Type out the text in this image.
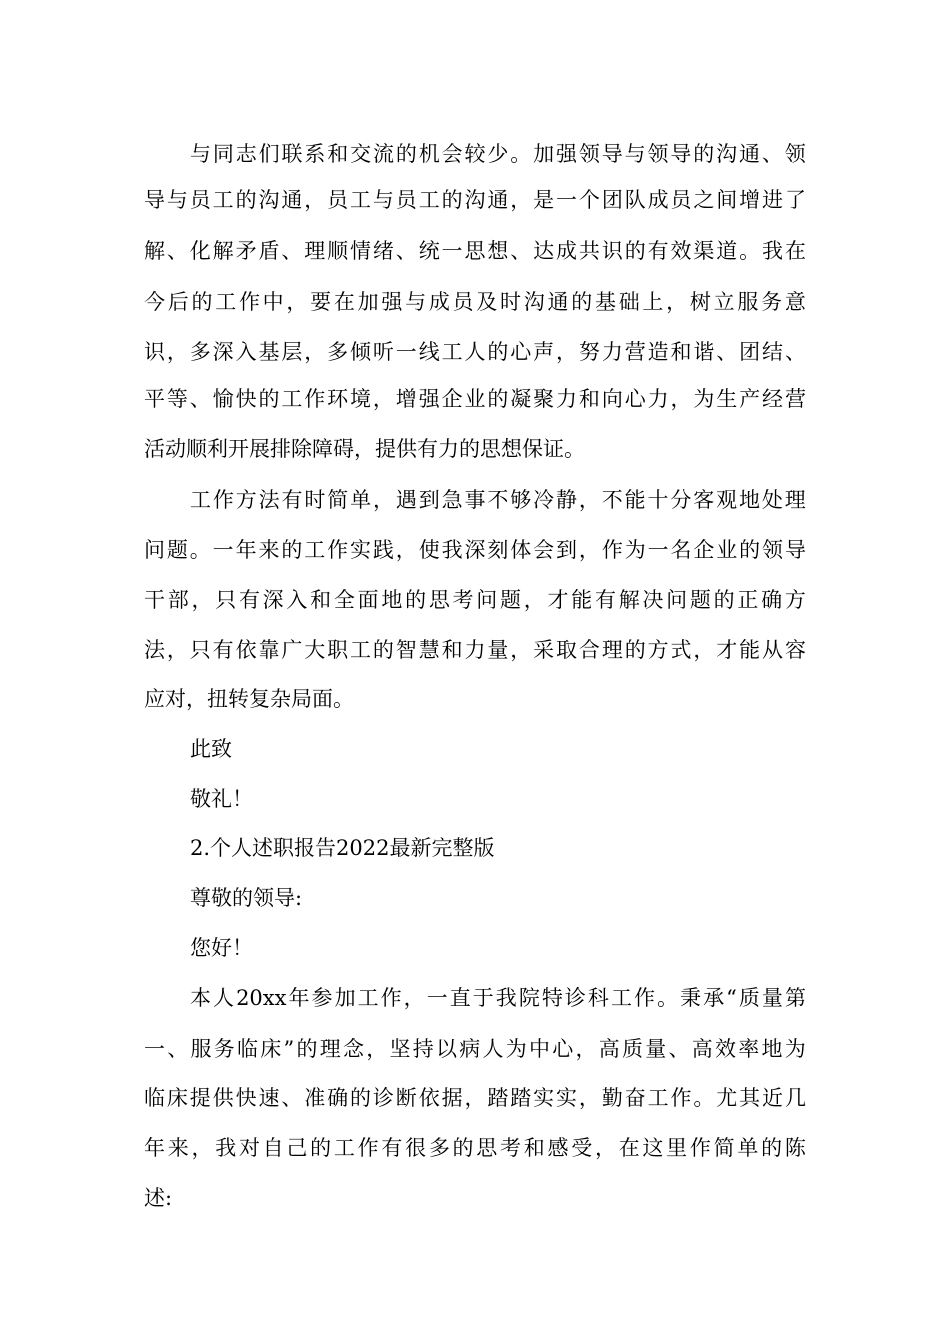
与 同 志 们 联 系 和 交 流 的 机 会 较 少 。 加 强 领 导 与 领 导 的 沟 通 、 领
导 与 员 工 的 沟 通 ， 员 工 与 员 工 的 沟 通 ， 是 一 个 团 队 成 员 之 间 增 进 了
解 、 化 解 矛 盾 、 理 顺 情 绪 、 统 一 思 想 、 达 成 共 识 的 有 效 渠 道 。 我 在
今 后 的 工 作 中 ， 要 在 加 强 与 成 员 及 时 沟 通 的 基 础 上 ， 树 立 服 务 意
识 ， 多 深 入 基 层 ， 多 倾 听 一 线 工 人 的 心 声 ， 努 力 营 造 和 谐 、 团 结 、
平 等 、 愉 快 的 工 作 环 境 ， 增 强 企 业 的 凝 聚 力 和 向 心 力 ， 为 生 产 经 营
活动顺利开展排除障碍，提供有力的思想保证。
工 作 方 法 有 时 简 单 ， 遇 到 急 事 不 够 冷 静 ， 不 能 十 分 客 观 地 处 理
问 题 。 一 年 来 的 工 作 实 践 ， 使 我 深 刻 体 会 到 ， 作 为 一 名 企 业 的 领 导
干 部 ， 只 有 深 入 和 全 面 地 的 思 考 问 题 ， 才 能 有 解 决 问 题 的 正 确 方
法 ， 只 有 依 靠 广 大 职 工 的 智 慧 和 力 量 ， 采 取 合 理 的 方 式 ， 才 能 从 容
应对，扭转复杂局面。
此致
敬礼！
2.个人述职报告2022最新完整版
尊敬的领导:
您好！
本 人 20xx 年 参 加 工 作 ， 一 直 于 我 院 特 诊 科 工 作 。 秉 承 “ 质 量 第
一 、 服 务 临 床 ” 的 理 念 ， 坚 持 以 病 人 为 中 心 ， 高 质 量 、 高 效 率 地 为
临 床 提 供 快 速 、 准 确 的 诊 断 依 据 ， 踏 踏 实 实 ， 勤 奋 工 作 。 尤 其 近 几
年 来 ， 我 对 自 己 的 工 作 有 很 多 的 思 考 和 感 受 ， 在 这 里 作 简 单 的 陈
述:
